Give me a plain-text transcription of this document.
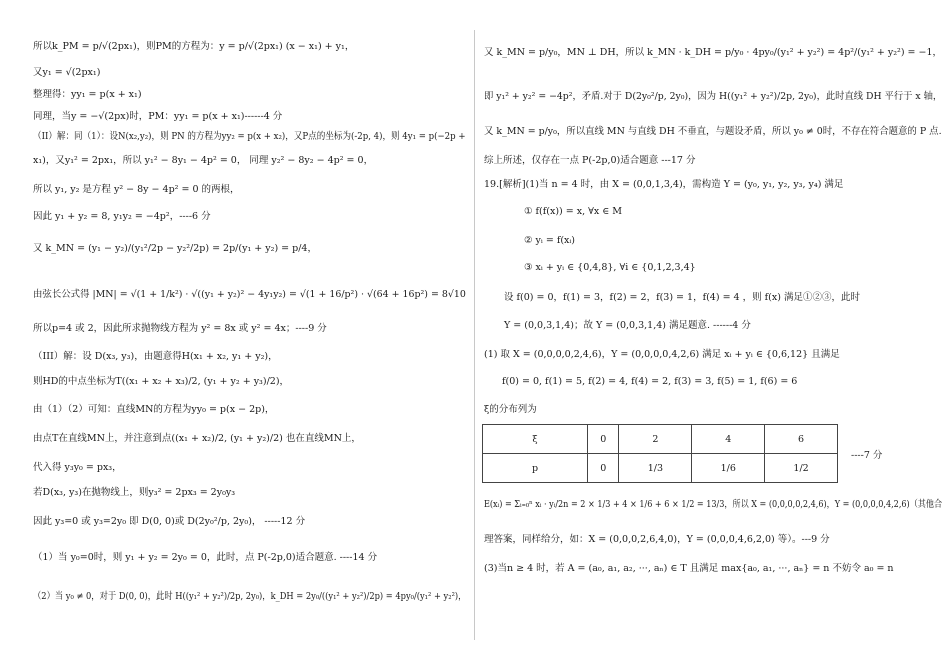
所以k_PM = p/√(2px₁)，则PM的方程为：y = p/√(2px₁) (x − x₁) + y₁，
又y₁ = √(2px₁)
整理得：yy₁ = p(x + x₁)
同理，当y = −√(2px)时，PM：yy₁ = p(x + x₁)------4 分
（II）解：同（1）：设N(x₂,y₂)，则 PN 的方程为yy₂ = p(x + x₂)，又P点的坐标为(-2p, 4)，则 4y₁ = p(−2p +
x₁)，又y₁² = 2px₁，所以 y₁² − 8y₁ − 4p² = 0， 同理 y₂² − 8y₂ − 4p² = 0，
所以 y₁, y₂ 是方程 y² − 8y − 4p² = 0 的两根，
因此 y₁ + y₂ = 8, y₁y₂ = −4p²，----6 分
又 k_MN = (y₁ − y₂)/(y₁²/2p − y₂²/2p) = 2p/(y₁ + y₂) = p/4，
由弦长公式得 |MN| = √(1 + 1/k²) · √((y₁ + y₂)² − 4y₁y₂) = √(1 + 16/p²) · √(64 + 16p²) = 8√10
所以p=4 或 2，因此所求抛物线方程为 y² = 8x 或 y² = 4x；----9 分
（III）解：设 D(x₃, y₃)，由题意得H(x₁ + x₂, y₁ + y₂)，
则HD的中点坐标为T((x₁ + x₂ + x₃)/2, (y₁ + y₂ + y₃)/2)，
由（1）（2）可知：直线MN的方程为yy₀ = p(x − 2p)，
由点T在直线MN上，并注意到点((x₁ + x₂)/2, (y₁ + y₂)/2) 也在直线MN上，
代入得 y₃y₀ = px₃，
若D(x₃, y₃)在抛物线上，则y₃² = 2px₃ = 2y₀y₃
因此 y₃=0 或 y₃=2y₀ 即 D(0, 0)或 D(2y₀²/p, 2y₀)， -----12 分
（1）当 y₀=0时，则 y₁ + y₂ = 2y₀ = 0，此时，点 P(-2p,0)适合题意. ----14 分
（2）当 y₀ ≠ 0，对于 D(0, 0)，此时 H((y₁² + y₂²)/2p, 2y₀)，k_DH = 2y₀/((y₁² + y₂²)/2p) = 4py₀/(y₁² + y₂²)，
又 k_MN = p/y₀，MN ⊥ DH，所以 k_MN · k_DH = p/y₀ · 4py₀/(y₁² + y₂²) = 4p²/(y₁² + y₂²) = −1，
即 y₁² + y₂² = −4p²，矛盾.对于 D(2y₀²/p, 2y₀)，因为 H((y₁² + y₂²)/2p, 2y₀)，此时直线 DH 平行于 x 轴，
又 k_MN = p/y₀，所以直线 MN 与直线 DH 不垂直，与题设矛盾，所以 y₀ ≠ 0时，不存在符合题意的 P 点.
综上所述，仅存在一点 P(-2p,0)适合题意 ---17 分
19.[解析](1)当 n = 4 时，由 X = (0,0,1,3,4)，需构造 Y = (y₀, y₁, y₂, y₃, y₄) 满足
① f(f(x)) = x, ∀x ∈ M
② yᵢ = f(xᵢ)
③ xᵢ + yᵢ ∈ {0,4,8}, ∀i ∈ {0,1,2,3,4}
设 f(0) = 0，f(1) = 3，f(2) = 2，f(3) = 1，f(4) = 4 ，则 f(x) 满足①②③，此时
Y = (0,0,3,1,4)；故 Y = (0,0,3,1,4) 满足题意. ------4 分
(1) 取 X = (0,0,0,0,2,4,6)，Y = (0,0,0,0,4,2,6) 满足 xᵢ + yᵢ ∈ {0,6,12} 且满足
f(0) = 0, f(1) = 5, f(2) = 4, f(4) = 2, f(3) = 3, f(5) = 1, f(6) = 6
ξ的分布列为
ξ	0	2	4	6
p	0	1/3	1/6	1/2
----7 分
E(xᵢ) = Σᵢ₌₀ⁿ xᵢ · yᵢ/2n = 2 × 1/3 + 4 × 1/6 + 6 × 1/2 = 13/3，所以 X = (0,0,0,0,2,4,6)，Y = (0,0,0,0,4,2,6)（其他合
理答案，同样给分，如：X = (0,0,0,2,6,4,0)，Y = (0,0,0,4,6,2,0) 等）。---9 分
(3)当n ≥ 4 时，若 A = (a₀, a₁, a₂, ···, aₙ) ∈ T 且满足 max{a₀, a₁, ···, aₙ} = n 不妨令 a₀ = n
